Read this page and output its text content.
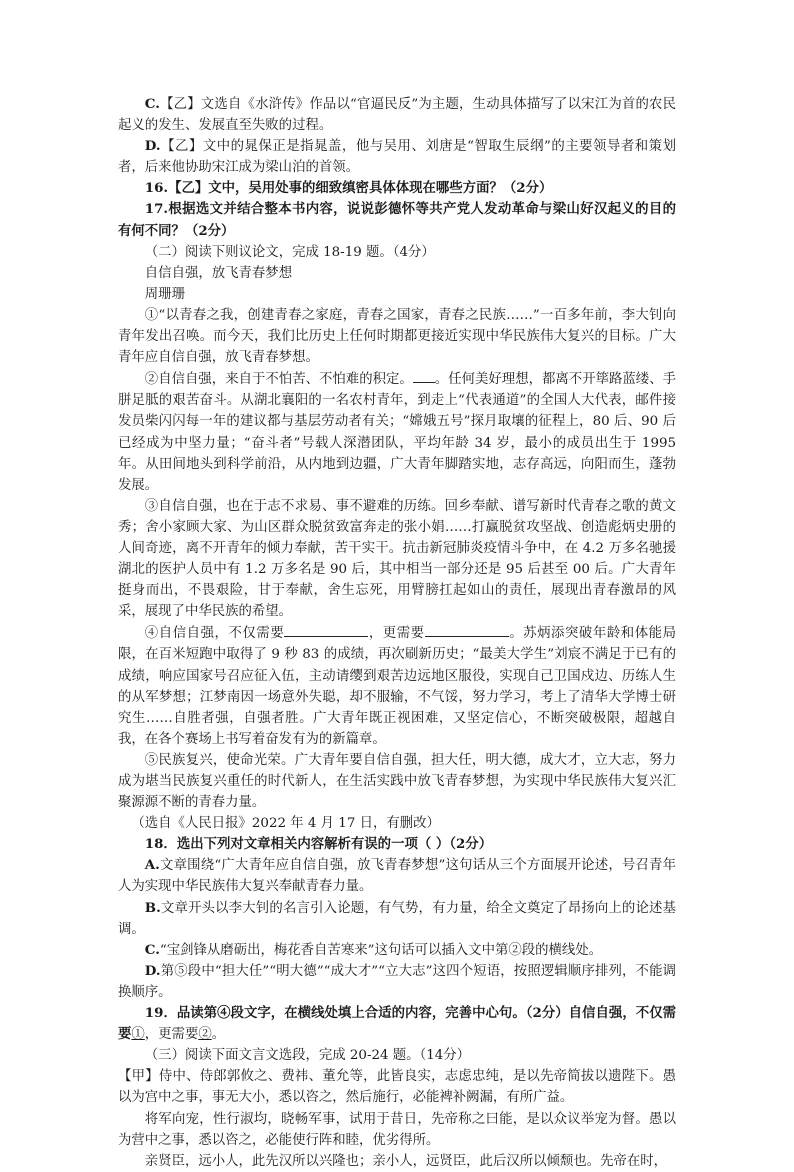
C.【乙】文选自《水浒传》作品以“官逼民反”为主题，生动具体描写了以宋江为首的农民起义的发生、发展直至失败的过程。

D.【乙】文中的晁保正是指晁盖，他与吴用、刘唐是“智取生辰纲”的主要领导者和策划者，后来他协助宋江成为梁山泊的首领。

16.【乙】文中，吴用处事的细致缜密具体体现在哪些方面？（2分）

17.根据选文并结合整本书内容，说说彭德怀等共产党人发动革命与梁山好汉起义的目的有何不同？（2分）

（二）阅读下则议论文，完成 18-19 题。（4分）

自信自强，放飞青春梦想

周珊珊

①“以青春之我，创建青春之家庭，青春之国家，青春之民族……”一百多年前，李大钊向青年发出召唤。而今天，我们比历史上任何时期都更接近实现中华民族伟大复兴的目标。广大青年应自信自强，放飞青春梦想。

②自信自强，来自于不怕苦、不怕难的积定。 。任何美好理想，都离不开筚路蓝缕、手胼足胝的艰苦奋斗。从湖北襄阳的一名农村青年，到走上“代表通道”的全国人大代表，邮件接发员柴闪闪每一年的建议都与基层劳动者有关；“嫦娥五号”探月取壤的征程上，80 后、90 后已经成为中坚力量；“奋斗者”号载人深潜团队，平均年龄 34 岁，最小的成员出生于 1995 年。从田间地头到科学前沿，从内地到边疆，广大青年脚踏实地，志存高远，向阳而生，蓬勃发展。

③自信自强，也在于志不求易、事不避难的历练。回乡奉献、谱写新时代青春之歌的黄文秀；舍小家顾大家、为山区群众脱贫致富奔走的张小娟……打赢脱贫攻坚战、创造彪炳史册的人间奇迹，离不开青年的倾力奉献，苦干实干。抗击新冠肺炎疫情斗争中，在 4.2 万多名驰援湖北的医护人员中有 1.2 万多名是 90 后，其中相当一部分还是 95 后甚至 00 后。广大青年挺身而出，不畏艰险，甘于奉献，舍生忘死，用臂膀扛起如山的责任，展现出青春激昂的风采，展现了中华民族的希望。

④自信自强，不仅需要	，更需要	。苏炳添突破年龄和体能局限，在百米短跑中取得了 9 秒 83 的成绩，再次刷新历史；“最美大学生”刘宸不满足于已有的成绩，响应国家号召应征入伍，主动请缨到艰苦边远地区服役，实现自己卫国戍边、历练人生的从军梦想；江梦南因一场意外失聪，却不服输，不气馁，努力学习，考上了清华大学博士研究生……自胜者强，自强者胜。广大青年既正视困难，又坚定信心，不断突破极限，超越自我，在各个赛场上书写着奋发有为的新篇章。

⑤民族复兴，使命光荣。广大青年要自信自强，担大任，明大德，成大才，立大志，努力成为堪当民族复兴重任的时代新人，在生活实践中放飞青春梦想，为实现中华民族伟大复兴汇聚源源不断的青春力量。

（选自《人民日报》2022 年 4 月 17 日，有删改）

18．选出下列对文章相关内容解析有误的一项（ ）（2分）

A.文章围绕“广大青年应自信自强，放飞青春梦想”这句话从三个方面展开论述，号召青年人为实现中华民族伟大复兴奉献青春力量。

B.文章开头以李大钊的名言引入论题，有气势，有力量，给全文奠定了昂扬向上的论述基调。

C.“宝剑锋从磨砺出，梅花香自苦寒来”这句话可以插入文中第②段的横线处。

D.第⑤段中“担大任”“明大德”“成大才”“立大志”这四个短语，按照逻辑顺序排列，不能调换顺序。

19．品读第④段文字，在横线处填上合适的内容，完善中心句。（2分）自信自强，不仅需要①，更需要②。

（三）阅读下面文言文选段，完成 20-24 题。（14分）

【甲】侍中、侍郎郭攸之、费祎、董允等，此皆良实，志虑忠纯，是以先帝简拔以遗陛下。愚以为宫中之事，事无大小，悉以咨之，然后施行，必能裨补阙漏，有所广益。

将军向宠，性行淑均，晓畅军事，试用于昔日，先帝称之曰能，是以众议举宠为督。愚以为营中之事，悉以咨之，必能使行阵和睦，优劣得所。

亲贤臣，远小人，此先汉所以兴隆也；亲小人，远贤臣，此后汉所以倾颓也。先帝在时，
